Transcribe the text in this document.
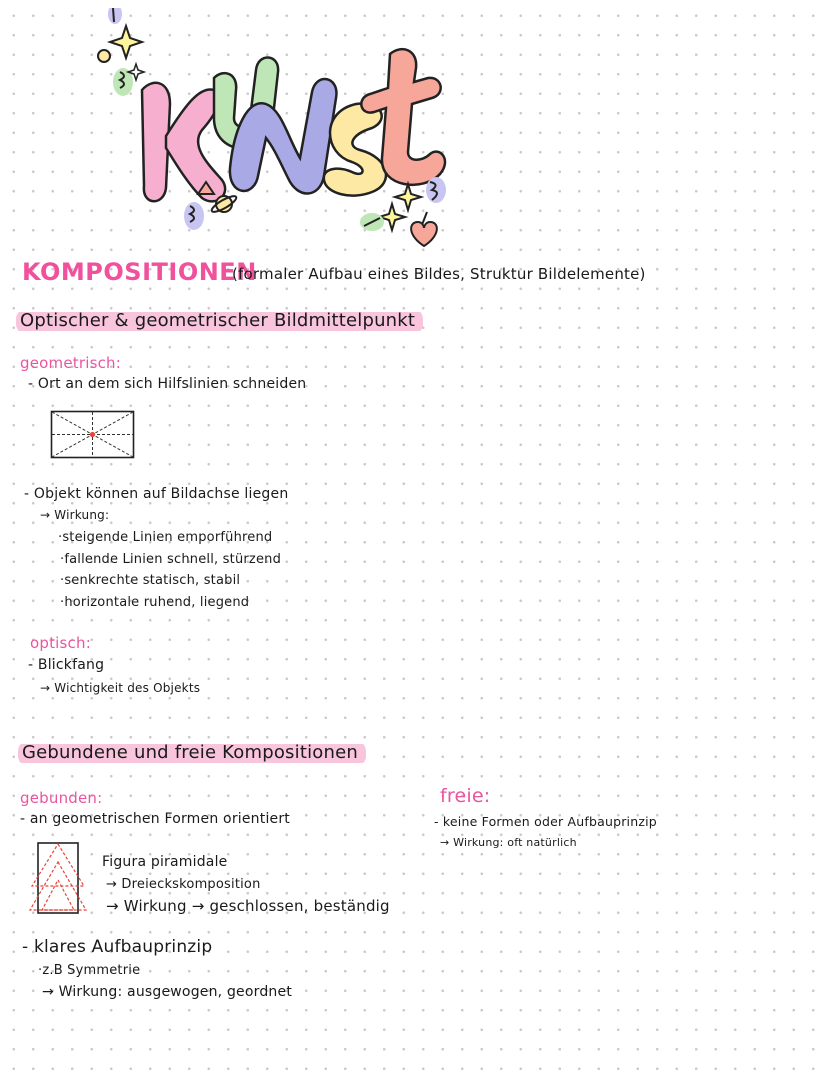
KOMPOSITIONEN
(formaler Aufbau eines Bildes, Struktur Bildelemente)
Optischer & geometrischer Bildmittelpunkt
geometrisch:
- Ort an dem sich Hilfslinien schneiden
- Objekt können auf Bildachse liegen
→ Wirkung:
·steigende Linien emporführend
·fallende Linien schnell, stürzend
·senkrechte statisch, stabil
·horizontale ruhend, liegend
optisch:
- Blickfang
→ Wichtigkeit des Objekts
Gebundene und freie Kompositionen
gebunden:
- an geometrischen Formen orientiert
Figura piramidale
→ Dreieckskomposition
→ Wirkung → geschlossen, beständig
- klares Aufbauprinzip
·z.B Symmetrie
→ Wirkung: ausgewogen, geordnet
freie:
- keine Formen oder Aufbauprinzip
→ Wirkung: oft natürlich
